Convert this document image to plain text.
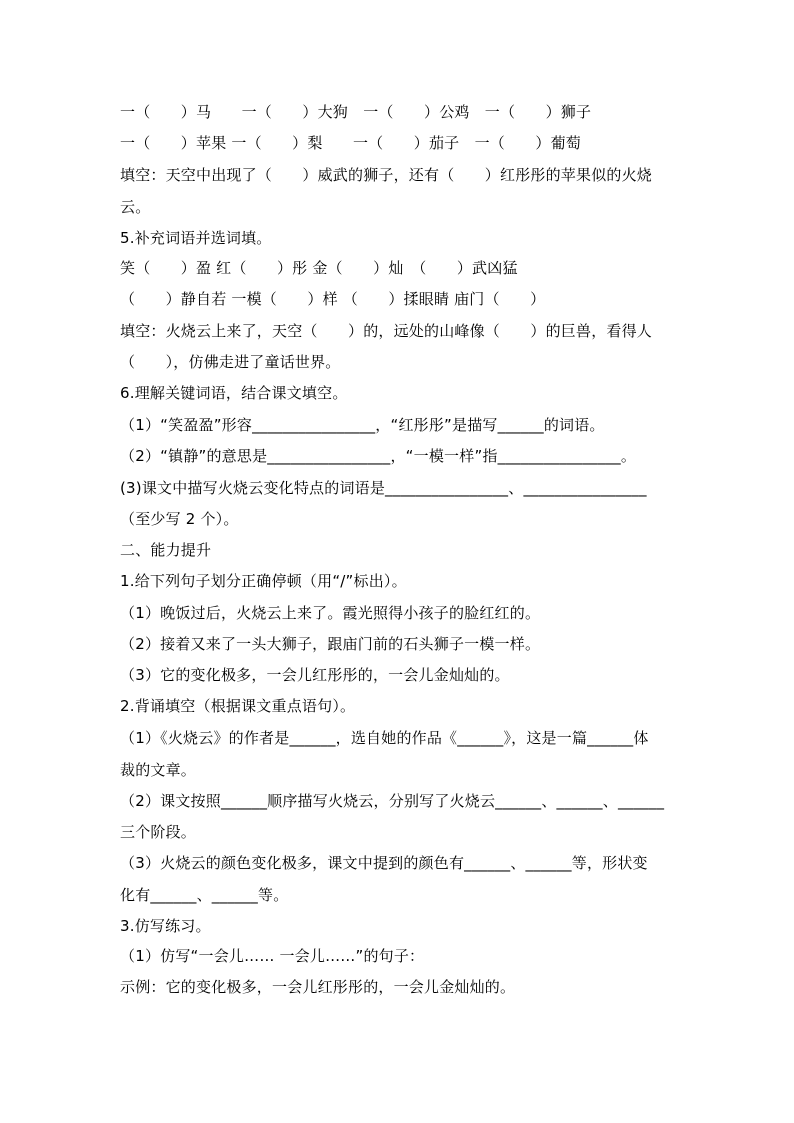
一（　　）马　　一（　　）大狗　一（　　）公鸡　一（　　）狮子
一（　　）苹果 一（　　）梨　　一（　　）茄子　一（　　）葡萄
填空：天空中出现了（　　）威武的狮子，还有（　　）红彤彤的苹果似的火烧
云。
5.补充词语并选词填。
笑（　　）盈 红（　　）彤 金（　　）灿　（　　）武凶猛
（　　）静自若 一模（　　）样 （　　）揉眼睛 庙门（　　）
填空：火烧云上来了，天空（　　）的，远处的山峰像（　　）的巨兽，看得人
（　　），仿佛走进了童话世界。
6.理解关键词语，结合课文填空。
（1）“笑盈盈”形容________________，“红彤彤”是描写______的词语。
（2）“镇静”的意思是________________，“一模一样”指________________。
(3)课文中描写火烧云变化特点的词语是________________、________________
（至少写 2 个）。
二、能力提升
1.给下列句子划分正确停顿（用“/”标出）。
（1）晚饭过后，火烧云上来了。霞光照得小孩子的脸红红的。
（2）接着又来了一头大狮子，跟庙门前的石头狮子一模一样。
（3）它的变化极多，一会儿红彤彤的，一会儿金灿灿的。
2.背诵填空（根据课文重点语句）。
（1）《火烧云》的作者是______，选自她的作品《______》，这是一篇______体
裁的文章。
（2）课文按照______顺序描写火烧云，分别写了火烧云______、______、______
三个阶段。
（3）火烧云的颜色变化极多，课文中提到的颜色有______、______等，形状变
化有______、______等。
3.仿写练习。
（1）仿写“一会儿…… 一会儿……”的句子：
示例：它的变化极多，一会儿红彤彤的，一会儿金灿灿的。
